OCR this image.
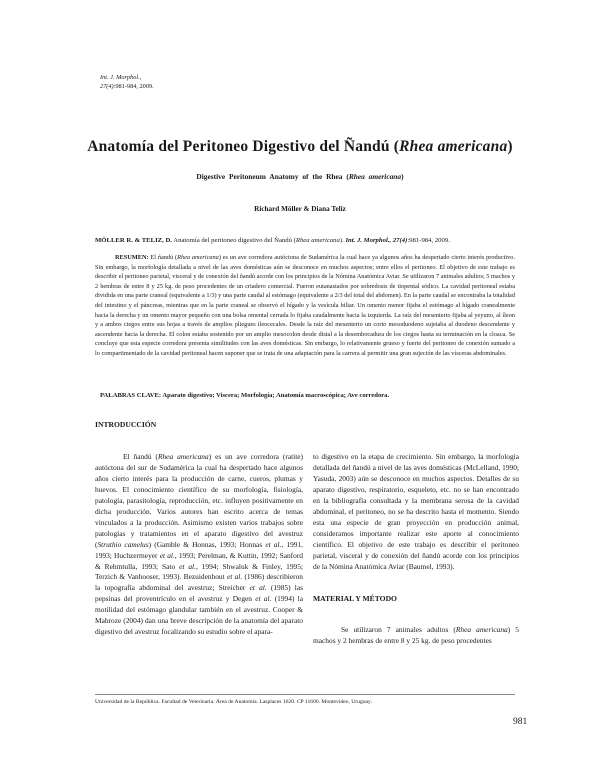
Int. J. Morphol.,
27(4):981-984, 2009.
Anatomía del Peritoneo Digestivo del Ñandú (Rhea americana)
Digestive Peritoneum Anatomy of the Rhea (Rhea americana)
Richard Möller & Diana Teliz
MÖLLER R. & TELIZ, D. Anatomía del peritoneo digestivo del Ñandú (Rhea americana). Int. J. Morphol., 27(4):981-984, 2009.
RESUMEN: El ñandú (Rhea americana) es un ave corredora autóctona de Sudamérica la cual hace ya algunos años ha despertado cierto interés productivo. Sin embargo, la morfología detallada a nivel de las aves domésticas aún se desconoce en muchos aspectos; entre ellos el peritoneo. El objetivo de este trabajo es describir el peritoneo parietal, visceral y de conexión del ñandú acorde con los principios de la Nómina Anatómica Aviar. Se utilizaron 7 animales adultos; 5 machos y 2 hembras de entre 8 y 25 kg. de peso procedentes de un criadero comercial. Fueron eutanasiados por sobredosis de tiopental sódico. La cavidad peritoneal estaba dividida en una parte craneal (equivalente a 1/3) y una parte caudal al estómago (equivalente a 2/3 del total del abdomen). En la parte caudal se encontraba la totalidad del intestino y el páncreas, mientras que en la parte craneal se observó el hígado y la vesícula biliar. Un omento menor fijaba el estómago al hígado cranealmente hacia la derecha y un omento mayor pequeño con una bolsa omental cerrada lo fijaba caudalmente hacia la izquierda. La raíz del mesenterio fijaba al yeyuno, al íleon y a ambos ciegos entre sus hojas a través de amplios pliegues ileocecales. Desde la raíz del mesenterio un corto mesoduodeno sujetaba al duodeno descendente y ascendente hacia la derecha. El colon estaba sostenido por un amplio mesocolon desde distal a la desembocadura de los ciegos hasta su terminación en la cloaca. Se concluye que esta especie corredora presenta similitudes con las aves domésticas. Sin embargo, lo relativamente grueso y fuerte del peritoneo de conexión sumado a lo compartimentado de la cavidad peritoneal hacen suponer que se trata de una adaptación para la carrera al permitir una gran sujeción de las vísceras abdominales.
PALABRAS CLAVE: Aparato digestivo; Viscera; Morfología; Anatomía macroscópica; Ave corredora.
INTRODUCCIÓN

El ñandú (Rhea americana) es un ave corredora (ratite) autóctona del sur de Sudamérica la cual ha despertado hace algunos años cierto interés para la producción de carne, cueros, plumas y huevos. El conocimiento científico de su morfología, fisiología, patología, parasitología, reproducción, etc. influyen positivamente en dicha producción. Varios autores han escrito acerca de temas vinculados a la producción. Asimismo existen varios trabajos sobre patologías y tratamientos en el aparato digestivo del avestruz (Struthio camelus) (Gamble & Honnas, 1993; Honnas et al., 1991, 1993; Huchzermeyer et al., 1993; Perelman, & Kuttin, 1992; Sanford & Rehmtulla, 1993; Sato et al., 1994; Shwaluk & Finley, 1995; Terzich & Vanhooser, 1993). Bezuidenhout et al. (1986) describieron la topografía abdominal del avestruz; Streicher et al. (1985) las pepsinas del proventrículo en el avestruz y Degen et al. (1994) la motilidad del estómago glandular también en el avestruz. Cooper & Mahroze (2004) dan una breve descripción de la anatomía del aparato digestivo del avestruz focalizando su estudio sobre el apara-

to digestivo en la etapa de crecimiento. Sin embargo, la morfología detallada del ñandú a nivel de las aves domésticas (McLelland, 1990; Yasuda, 2003) aún se desconoce en muchos aspectos. Detalles de su aparato digestivo, respiratorio, esqueleto, etc. no se han encontrado en la bibliografía consultada y la membrana serosa de la cavidad abdominal, el peritoneo, no se ha descrito hasta el momento. Siendo esta una especie de gran proyección en producción animal, consideramos importante realizar este aporte al conocimiento científico. El objetivo de este trabajo es describir el peritoneo parietal, visceral y de conexión del ñandú acorde con los principios de la Nómina Anatómica Aviar (Baumel, 1993).

MATERIAL Y MÉTODO

Se utilizaron 7 animales adultos (Rhea americana) 5 machos y 2 hembras de entre 8 y 25 kg. de peso procedentes

Universidad de la República. Facultad de Veterinaria. Área de Anatomía. Lasplaces 1620. CP 11600. Montevideo, Uruguay.
981
